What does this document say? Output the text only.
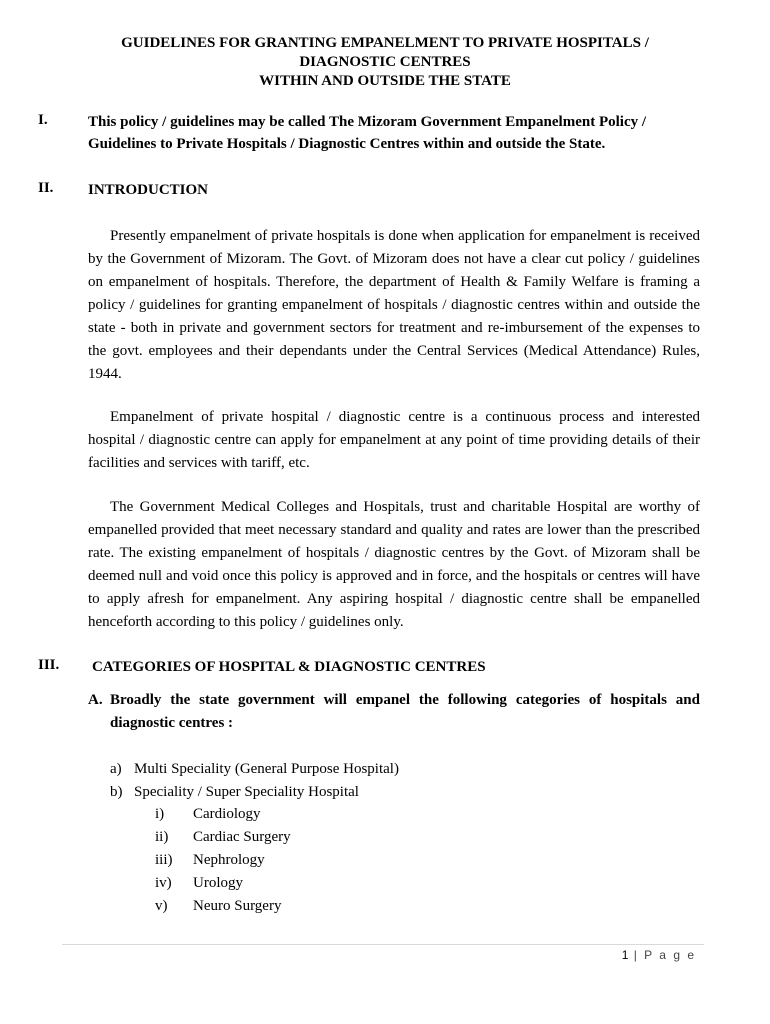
GUIDELINES FOR GRANTING EMPANELMENT TO PRIVATE HOSPITALS /
DIAGNOSTIC CENTRES
WITHIN AND OUTSIDE THE STATE
I.	This policy / guidelines may be called The Mizoram Government Empanelment Policy / Guidelines to Private Hospitals / Diagnostic Centres within and outside the State.
II. INTRODUCTION

Presently empanelment of private hospitals is done when application for empanelment is received by the Government of Mizoram. The Govt. of Mizoram does not have a clear cut policy / guidelines on empanelment of hospitals. Therefore, the department of Health & Family Welfare is framing a policy / guidelines for granting empanelment of hospitals / diagnostic centres within and outside the state - both in private and government sectors for treatment and re-imbursement of the expenses to the govt. employees and their dependants under the Central Services (Medical Attendance) Rules, 1944.

Empanelment of private hospital / diagnostic centre is a continuous process and interested hospital / diagnostic centre can apply for empanelment at any point of time providing details of their facilities and services with tariff, etc.

The Government Medical Colleges and Hospitals, trust and charitable Hospital are worthy of empanelled provided that meet necessary standard and quality and rates are lower than the prescribed rate. The existing empanelment of hospitals / diagnostic centres by the Govt. of Mizoram shall be deemed null and void once this policy is approved and in force, and the hospitals or centres will have to apply afresh for empanelment. Any aspiring hospital / diagnostic centre shall be empanelled henceforth according to this policy / guidelines only.

III. CATEGORIES OF HOSPITAL & DIAGNOSTIC CENTRES
A. Broadly the state government will empanel the following categories of hospitals and diagnostic centres :
a) Multi Speciality (General Purpose Hospital)
b) Speciality / Super Speciality Hospital
i) Cardiology
ii) Cardiac Surgery
iii) Nephrology
iv) Urology
v) Neuro Surgery
1 | P a g e
